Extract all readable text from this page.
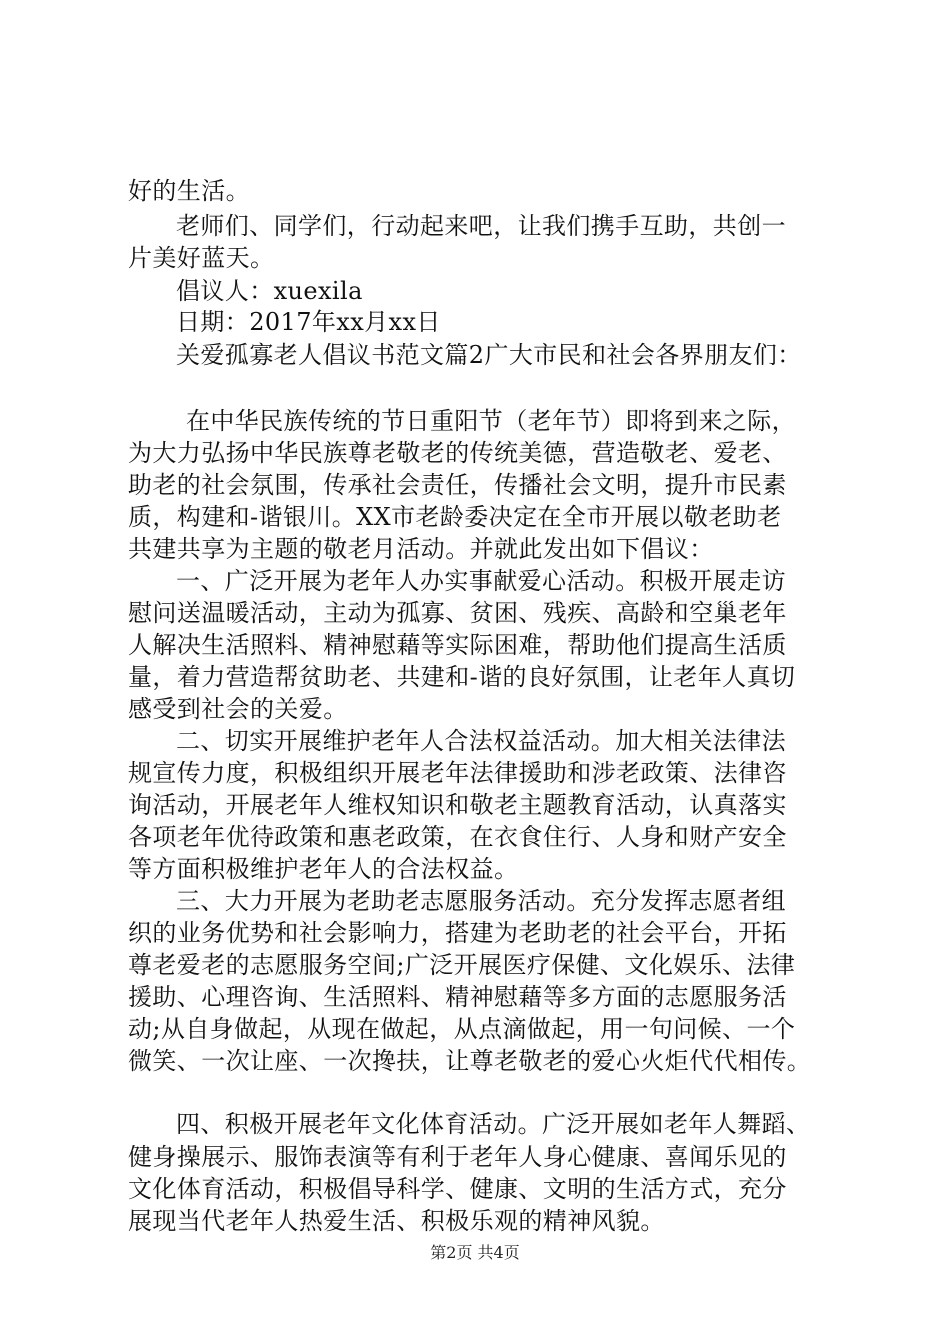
好的生活。
老师们、同学们，行动起来吧，让我们携手互助，共创一
片美好蓝天。
倡议人：xuexila
日期：2017年xx月xx日
关爱孤寡老人倡议书范文篇2广大市民和社会各界朋友们：
在中华民族传统的节日重阳节（老年节）即将到来之际，
为大力弘扬中华民族尊老敬老的传统美德，营造敬老、爱老、
助老的社会氛围，传承社会责任，传播社会文明，提升市民素
质，构建和-谐银川。XX市老龄委决定在全市开展以敬老助老
共建共享为主题的敬老月活动。并就此发出如下倡议：
一、广泛开展为老年人办实事献爱心活动。积极开展走访
慰问送温暖活动，主动为孤寡、贫困、残疾、高龄和空巢老年
人解决生活照料、精神慰藉等实际困难，帮助他们提高生活质
量，着力营造帮贫助老、共建和-谐的良好氛围，让老年人真切
感受到社会的关爱。
二、切实开展维护老年人合法权益活动。加大相关法律法
规宣传力度，积极组织开展老年法律援助和涉老政策、法律咨
询活动，开展老年人维权知识和敬老主题教育活动，认真落实
各项老年优待政策和惠老政策，在衣食住行、人身和财产安全
等方面积极维护老年人的合法权益。
三、大力开展为老助老志愿服务活动。充分发挥志愿者组
织的业务优势和社会影响力，搭建为老助老的社会平台，开拓
尊老爱老的志愿服务空间;广泛开展医疗保健、文化娱乐、法律
援助、心理咨询、生活照料、精神慰藉等多方面的志愿服务活
动;从自身做起，从现在做起，从点滴做起，用一句问候、一个
微笑、一次让座、一次搀扶，让尊老敬老的爱心火炬代代相传。
四、积极开展老年文化体育活动。广泛开展如老年人舞蹈、
健身操展示、服饰表演等有利于老年人身心健康、喜闻乐见的
文化体育活动，积极倡导科学、健康、文明的生活方式，充分
展现当代老年人热爱生活、积极乐观的精神风貌。
第2页 共4页
